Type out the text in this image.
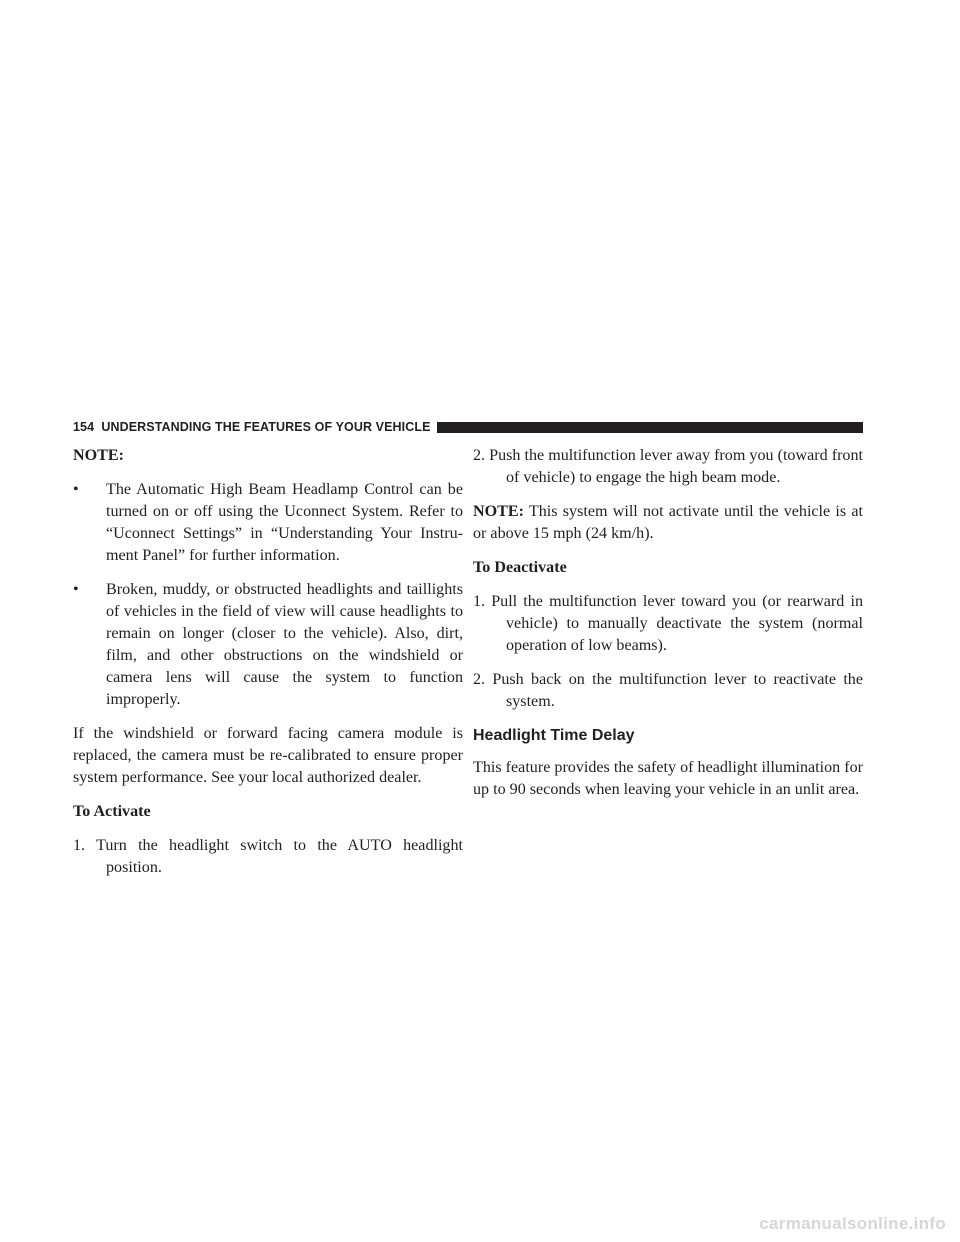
154 UNDERSTANDING THE FEATURES OF YOUR VEHICLE

NOTE:

• The Automatic High Beam Headlamp Control can be turned on or off using the Uconnect System. Refer to “Uconnect Settings” in “Understanding Your Instru- ment Panel” for further information.
• Broken, muddy, or obstructed headlights and taillights of vehicles in the field of view will cause headlights to remain on longer (closer to the vehicle). Also, dirt, film, and other obstructions on the windshield or camera lens will cause the system to function improperly.

If the windshield or forward facing camera module is replaced, the camera must be re-calibrated to ensure proper system performance. See your local authorized dealer.

To Activate

1. Turn the headlight switch to the AUTO headlight position.

2. Push the multifunction lever away from you (toward front of vehicle) to engage the high beam mode.

NOTE: This system will not activate until the vehicle is at or above 15 mph (24 km/h).

To Deactivate

1. Pull the multifunction lever toward you (or rearward in vehicle) to manually deactivate the system (normal operation of low beams).

2. Push back on the multifunction lever to reactivate the system.

Headlight Time Delay

This feature provides the safety of headlight illumination for up to 90 seconds when leaving your vehicle in an unlit area.

carmanualsonline.info
